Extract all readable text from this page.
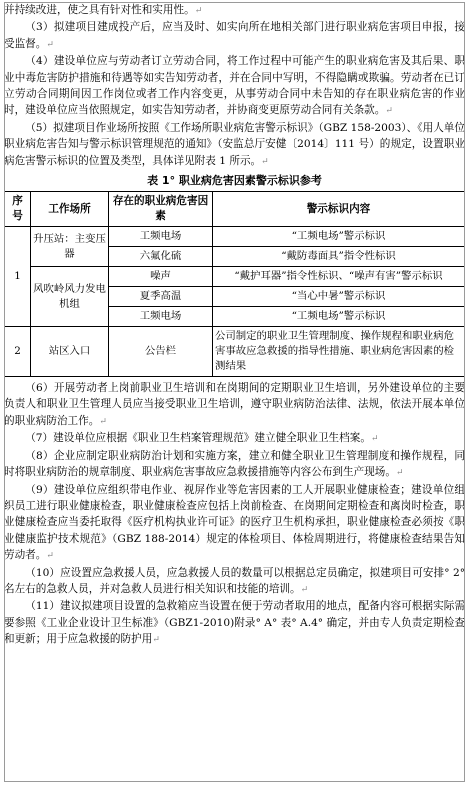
并持续改进，使之具有针对性和实用性。↵

（3）拟建项目建成投产后，应当及时、如实向所在地相关部门进行职业病危害项目申报，接受监督。↵

（4）建设单位应与劳动者订立劳动合同，将工作过程中可能产生的职业病危害及其后果、职业中毒危害防护措施和待遇等如实告知劳动者，并在合同中写明，不得隐瞒或欺骗。劳动者在已订立劳动合同期间因工作岗位或者工作内容变更，从事劳动合同中未告知的存在职业病危害的作业时，建设单位应当依照规定，如实告知劳动者，并协商变更原劳动合同有关条款。↵

（5）拟建项目作业场所按照《工作场所职业病危害警示标识》（GBZ 158-2003）、《用人单位职业病危害告知与警示标识管理规范的通知》（安监总厅安健〔2014〕111 号）的规定，设置职业病危害警示标识的位置及类型，具体详见附表 1 所示。↵

表 1° 职业病危害因素警示标识参考
序号	工作场所	存在的职业病危害因素	警示标识内容
1	升压站：主变压器	工频电场	“工频电场”警示标识
		六氟化硫	“戴防毒面具”指令性标识
	风吹岭风力发电机组	噪声	“戴护耳器”指令性标识、“噪声有害”警示标识
		夏季高温	“当心中暑”警示标识
		工频电场	“工频电场”警示标识
2	站区入口	公告栏	公司制定的职业卫生管理制度、操作规程和职业病危害事故应急救援的指导性措施、职业病危害因素的检测结果

（6）开展劳动者上岗前职业卫生培训和在岗期间的定期职业卫生培训，另外建设单位的主要负责人和职业卫生管理人员应当接受职业卫生培训，遵守职业病防治法律、法规，依法开展本单位的职业病防治工作。↵

（7）建设单位应根据《职业卫生档案管理规范》建立健全职业卫生档案。↵

（8）企业应制定职业病防治计划和实施方案，建立和健全职业卫生管理制度和操作规程，同时将职业病防治的规章制度、职业病危害事故应急救援措施等内容公布到生产现场。↵

（9）建设单位应组织带电作业、视屏作业等危害因素的工人开展职业健康检查；建设单位组织员工进行职业健康检查，职业健康检查应包括上岗前检查、在岗期间定期检查和离岗时检查，职业健康检查应当委托取得《医疗机构执业许可证》的医疗卫生机构承担，职业健康检查必须按《职业健康监护技术规范》（GBZ 188-2014）规定的体检项目、体检周期进行，将健康检查结果告知劳动者。↵

（10）应设置应急救援人员，应急救援人员的数量可以根据总定员确定，拟建项目可安排° 2° 名左右的急救人员，并对急救人员进行相关知识和技能的培训。↵

（11）建议拟建项目设置的急救箱应当设置在便于劳动者取用的地点，配备内容可根据实际需要参照《工业企业设计卫生标准》（GBZ1-2010)附录° A° 表° A.4° 确定，并由专人负责定期检查和更新；用于应急救援的防护用↵
